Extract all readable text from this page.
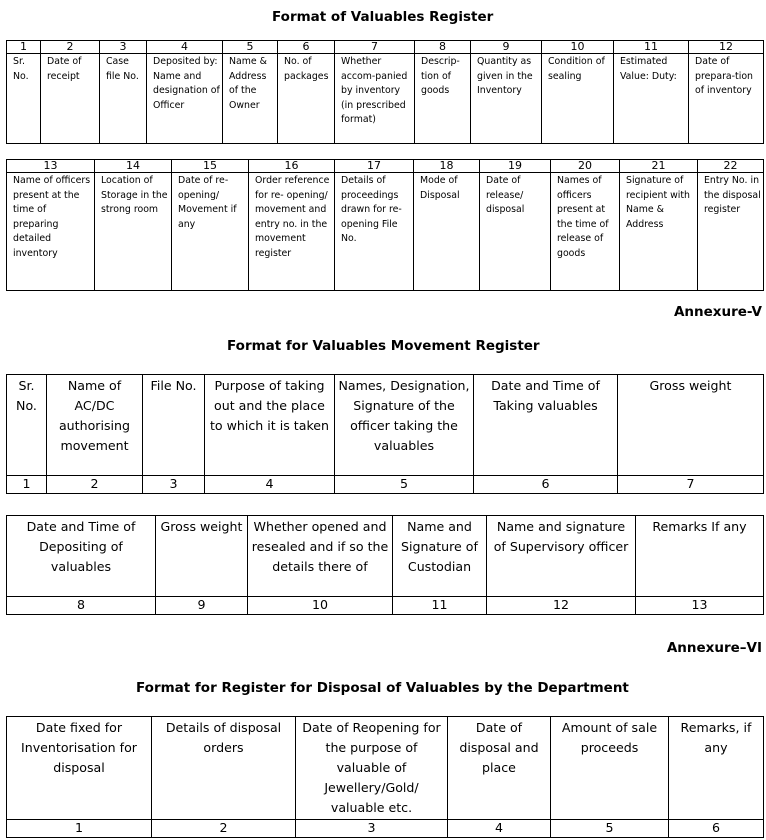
Format of Valuables Register
1	2	3	4	5	6	7	8	9	10	11	12
Sr. No.	Date of receipt	Case file No.	Deposited by: Name and designation of Officer	Name & Address of the Owner	No. of packages	Whether accom-panied by inventory (in prescribed format)	Descrip-tion of goods	Quantity as given in the Inventory	Condition of sealing	Estimated Value: Duty:	Date of prepara-tion of inventory
13	14	15	16	17	18	19	20	21	22
Name of officers present at the time of preparing detailed inventory	Location of Storage in the strong room	Date of re-opening/ Movement if any	Order reference for re- opening/ movement and entry no. in the movement register	Details of proceedings drawn for re-opening File No.	Mode of Disposal	Date of release/ disposal	Names of officers present at the time of release of goods	Signature of recipient with Name & Address	Entry No. in the disposal register
Annexure-V
Format for Valuables Movement Register
Sr. No.	Name of AC/DC authorising movement	File No.	Purpose of taking out and the place to which it is taken	Names, Designation, Signature of the officer taking the valuables	Date and Time of Taking valuables	Gross weight
1	2	3	4	5	6	7
Date and Time of Depositing of valuables	Gross weight	Whether opened and resealed and if so the details there of	Name and Signature of Custodian	Name and signature of Supervisory officer	Remarks If any
8	9	10	11	12	13
Annexure–VI
Format for Register for Disposal of Valuables by the Department
Date fixed for Inventorisation for disposal	Details of disposal orders	Date of Reopening for the purpose of valuable of Jewellery/Gold/ valuable etc.	Date of disposal and place	Amount of sale proceeds	Remarks, if any
1	2	3	4	5	6
